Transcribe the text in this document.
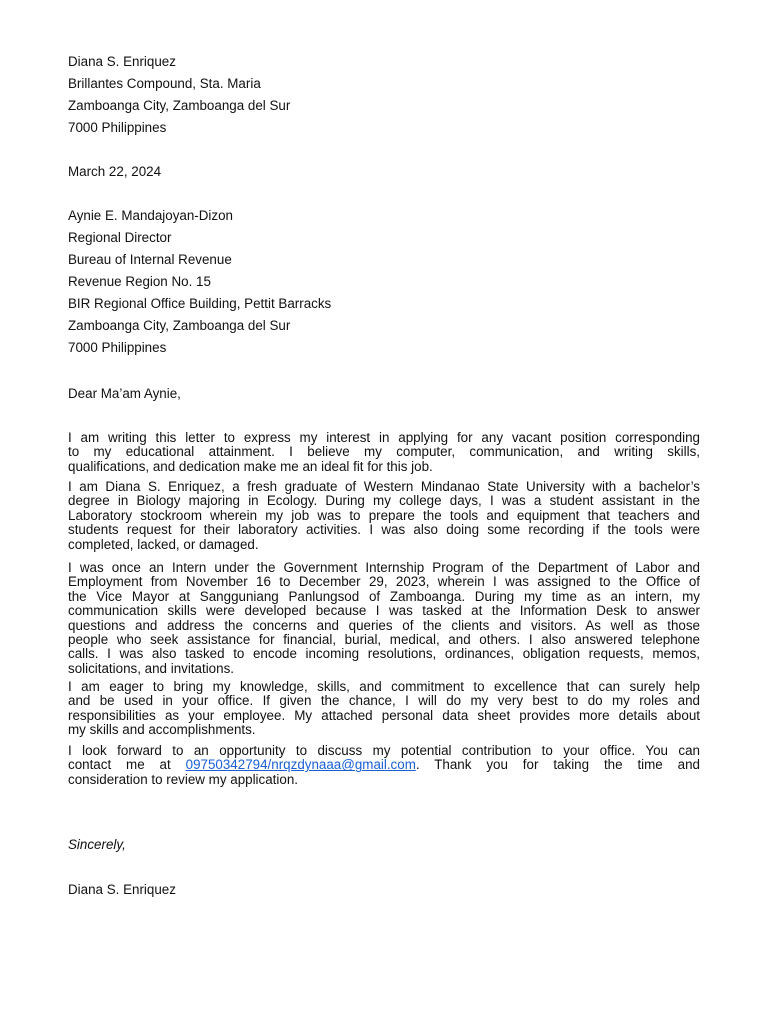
Diana S. Enriquez
Brillantes Compound, Sta. Maria
Zamboanga City, Zamboanga del Sur
7000 Philippines
March 22, 2024
Aynie E. Mandajoyan-Dizon
Regional Director
Bureau of Internal Revenue
Revenue Region No. 15
BIR Regional Office Building, Pettit Barracks
Zamboanga City, Zamboanga del Sur
7000 Philippines
Dear Ma’am Aynie,
I am writing this letter to express my interest in applying for any vacant position corresponding
to my educational attainment. I believe my computer, communication, and writing skills,
qualifications, and dedication make me an ideal fit for this job.
I am Diana S. Enriquez, a fresh graduate of Western Mindanao State University with a bachelor’s
degree in Biology majoring in Ecology. During my college days, I was a student assistant in the
Laboratory stockroom wherein my job was to prepare the tools and equipment that teachers and
students request for their laboratory activities. I was also doing some recording if the tools were
completed, lacked, or damaged.
I was once an Intern under the Government Internship Program of the Department of Labor and
Employment from November 16 to December 29, 2023, wherein I was assigned to the Office of
the Vice Mayor at Sangguniang Panlungsod of Zamboanga. During my time as an intern, my
communication skills were developed because I was tasked at the Information Desk to answer
questions and address the concerns and queries of the clients and visitors. As well as those
people who seek assistance for financial, burial, medical, and others. I also answered telephone
calls. I was also tasked to encode incoming resolutions, ordinances, obligation requests, memos,
solicitations, and invitations.
I am eager to bring my knowledge, skills, and commitment to excellence that can surely help
and be used in your office. If given the chance, I will do my very best to do my roles and
responsibilities as your employee. My attached personal data sheet provides more details about
my skills and accomplishments.
I look forward to an opportunity to discuss my potential contribution to your office. You can
contact me at 09750342794/nrqzdynaaa@gmail.com. Thank you for taking the time and
consideration to review my application.
Sincerely,
Diana S. Enriquez
